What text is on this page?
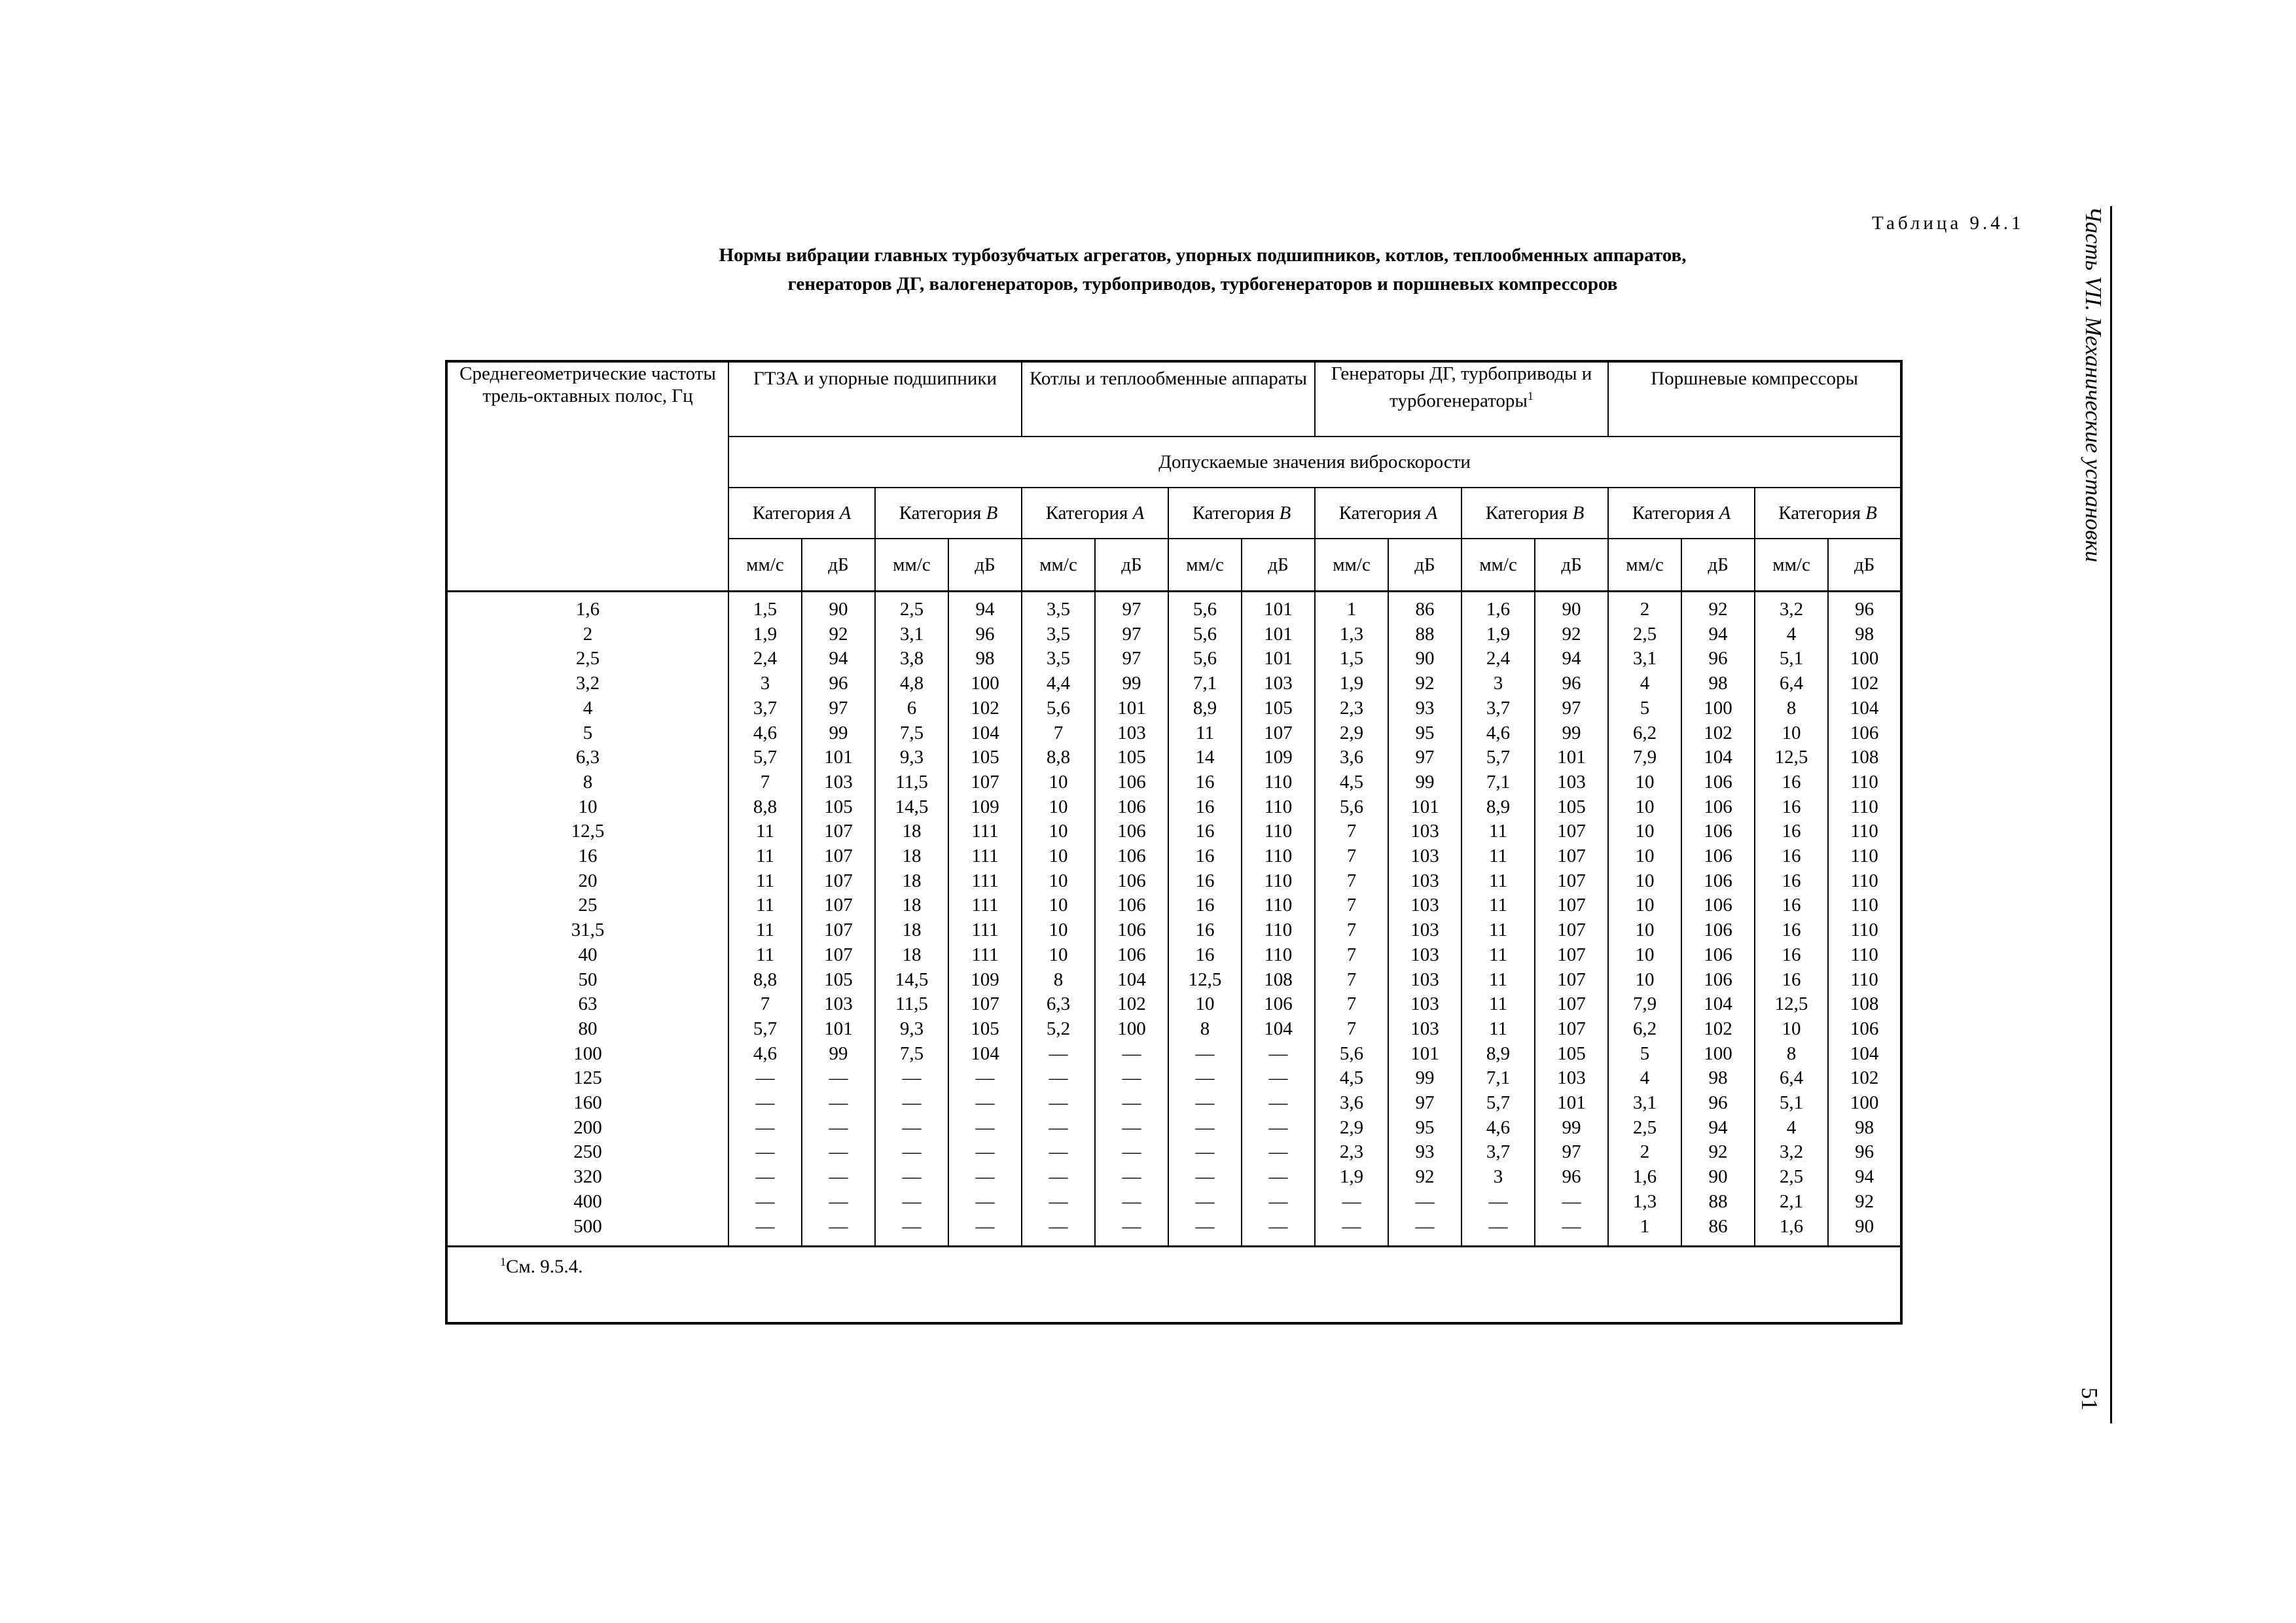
Таблица 9.4.1
Нормы вибрации главных турбозубчатых агрегатов, упорных подшипников, котлов, теплообменных аппаратов,
генераторов ДГ, валогенераторов, турбоприводов, турбогенераторов и поршневых компрессоров	Часть VII. Механические установки
51
Среднегеометрические частоты трель-октавных полос, Гц	ГТЗА и упорные подшипники				Котлы и теплообменные аппараты				Генераторы ДГ, турбоприводы и турбогенераторы$^1$				Поршневые компрессоры			
	Допускаемые значения виброскорости															
	Категория A		Категория B		Категория A		Категория B		Категория A		Категория B		Категория A		Категория B	
	мм/с	дБ	мм/с	дБ	мм/с	дБ	мм/с	дБ	мм/с	дБ	мм/с	дБ	мм/с	дБ	мм/с	дБ
1,6	1,5	90	2,5	94	3,5	97	5,6	101	1	86	1,6	90	2	92	3,2	96
2	1,9	92	3,1	96	3,5	97	5,6	101	1,3	88	1,9	92	2,5	94	4	98
2,5	2,4	94	3,8	98	3,5	97	5,6	101	1,5	90	2,4	94	3,1	96	5,1	100
3,2	3	96	4,8	100	4,4	99	7,1	103	1,9	92	3	96	4	98	6,4	102
4	3,7	97	6	102	5,6	101	8,9	105	2,3	93	3,7	97	5	100	8	104
5	4,6	99	7,5	104	7	103	11	107	2,9	95	4,6	99	6,2	102	10	106
6,3	5,7	101	9,3	105	8,8	105	14	109	3,6	97	5,7	101	7,9	104	12,5	108
8	7	103	11,5	107	10	106	16	110	4,5	99	7,1	103	10	106	16	110
10	8,8	105	14,5	109	10	106	16	110	5,6	101	8,9	105	10	106	16	110
12,5	11	107	18	111	10	106	16	110	7	103	11	107	10	106	16	110
16	11	107	18	111	10	106	16	110	7	103	11	107	10	106	16	110
20	11	107	18	111	10	106	16	110	7	103	11	107	10	106	16	110
25	11	107	18	111	10	106	16	110	7	103	11	107	10	106	16	110
31,5	11	107	18	111	10	106	16	110	7	103	11	107	10	106	16	110
40	11	107	18	111	10	106	16	110	7	103	11	107	10	106	16	110
50	8,8	105	14,5	109	8	104	12,5	108	7	103	11	107	10	106	16	110
63	7	103	11,5	107	6,3	102	10	106	7	103	11	107	7,9	104	12,5	108
80	5,7	101	9,3	105	5,2	100	8	104	7	103	11	107	6,2	102	10	106
100	4,6	99	7,5	104	—	—	—	—	5,6	101	8,9	105	5	100	8	104
125	—	—	—	—	—	—	—	—	4,5	99	7,1	103	4	98	6,4	102
160	—	—	—	—	—	—	—	—	3,6	97	5,7	101	3,1	96	5,1	100
200	—	—	—	—	—	—	—	—	2,9	95	4,6	99	2,5	94	4	98
250	—	—	—	—	—	—	—	—	2,3	93	3,7	97	2	92	3,2	96
320	—	—	—	—	—	—	—	—	1,9	92	3	96	1,6	90	2,5	94
400	—	—	—	—	—	—	—	—	—	—	—	—	1,3	88	2,1	92
500	—	—	—	—	—	—	—	—	—	—	—	—	1	86	1,6	90
$^1$См. 9.5.4.																
